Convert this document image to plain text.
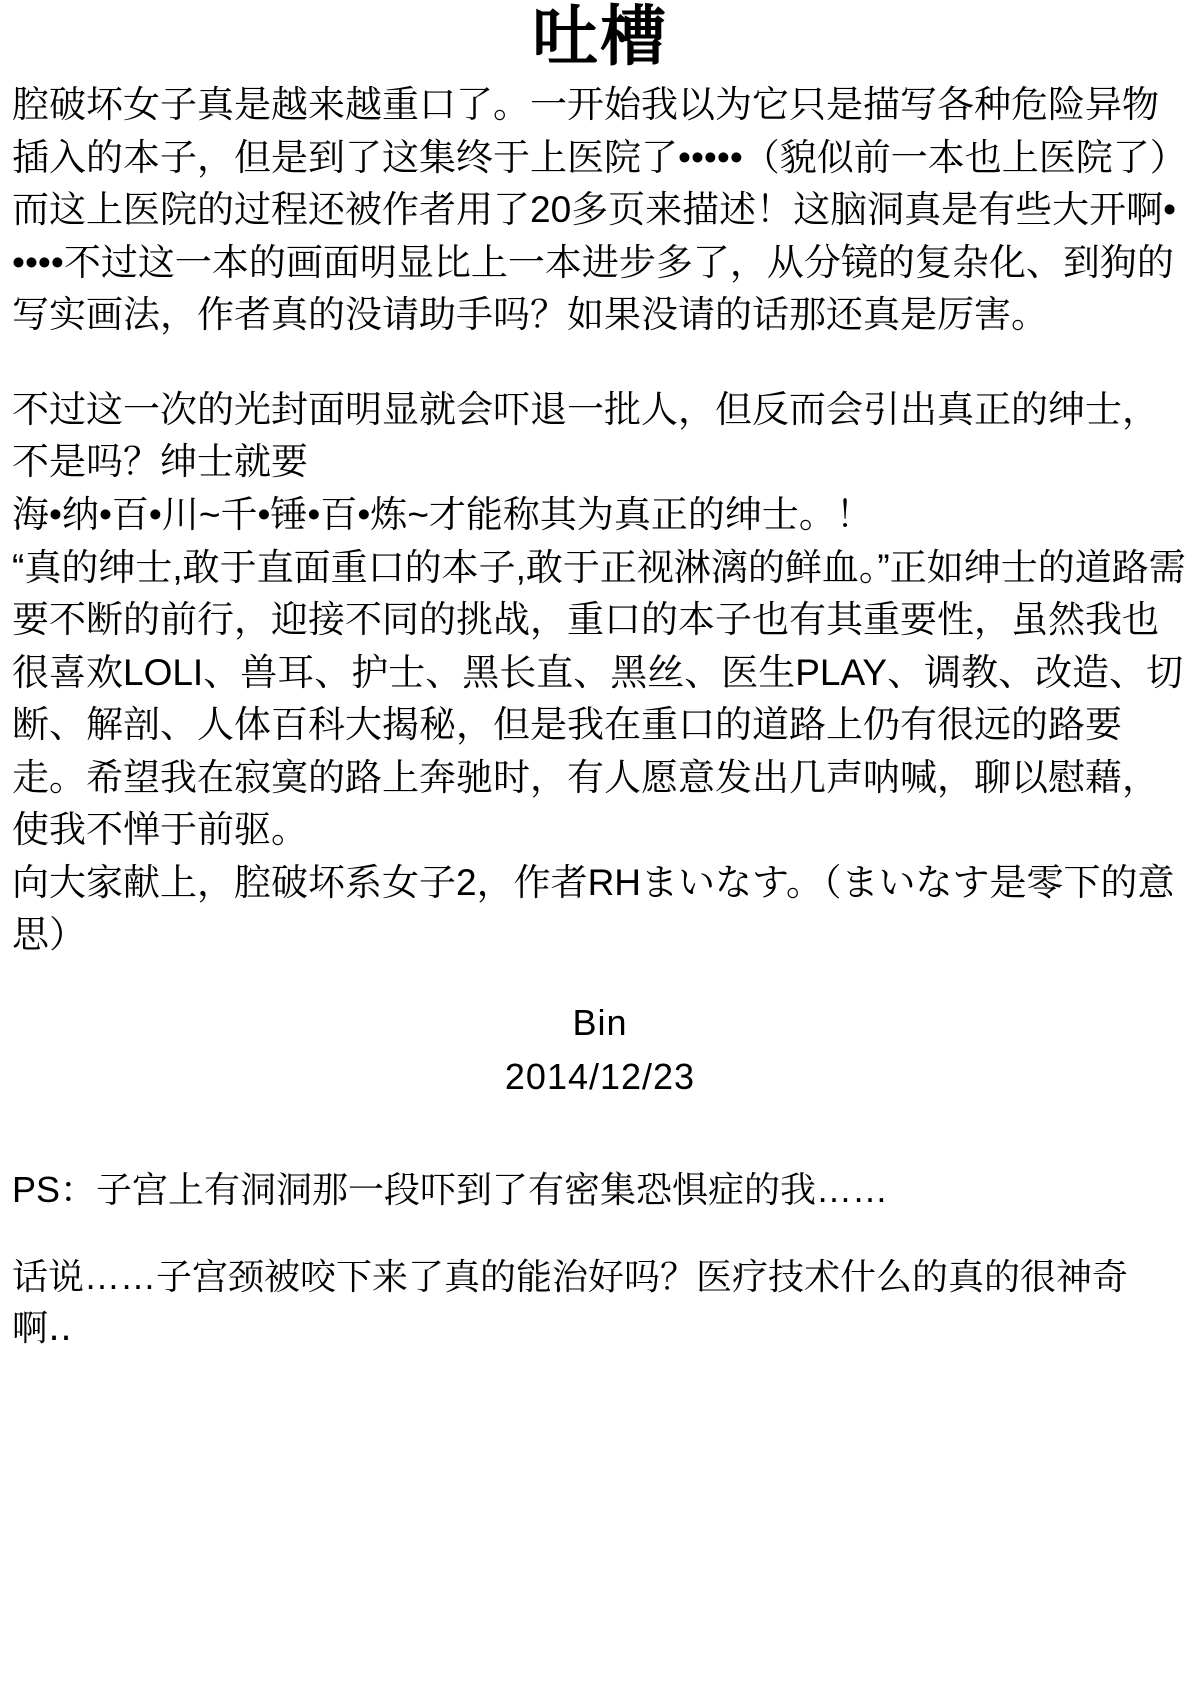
吐槽

腔破坏女子真是越来越重口了。一开始我以为它只是描写各种危险异物插入的本子，但是到了这集终于上医院了•••••（貌似前一本也上医院了）而这上医院的过程还被作者用了20多页来描述！这脑洞真是有些大开啊•••••不过这一本的画面明显比上一本进步多了，从分镜的复杂化、到狗的写实画法，作者真的没请助手吗？如果没请的话那还真是厉害。

不过这一次的光封面明显就会吓退一批人，但反而会引出真正的绅士，不是吗？绅士就要

海•纳•百•川~千•锤•百•炼~才能称其为真正的绅士。！

“真的绅士,敢于直面重口的本子,敢于正视淋漓的鲜血。”正如绅士的道路需要不断的前行，迎接不同的挑战，重口的本子也有其重要性，虽然我也很喜欢LOLI、兽耳、护士、黑长直、黑丝、医生PLAY、调教、改造、切断、解剖、人体百科大揭秘，但是我在重口的道路上仍有很远的路要走。希望我在寂寞的路上奔驰时，有人愿意发出几声呐喊，聊以慰藉，使我不惮于前驱。

向大家献上，腔破坏系女子2，作者RHまいなす。（まいなす是零下的意思）

Bin
2014/12/23

PS：子宫上有洞洞那一段吓到了有密集恐惧症的我……

话说……子宫颈被咬下来了真的能治好吗？医疗技术什么的真的很神奇啊‥
